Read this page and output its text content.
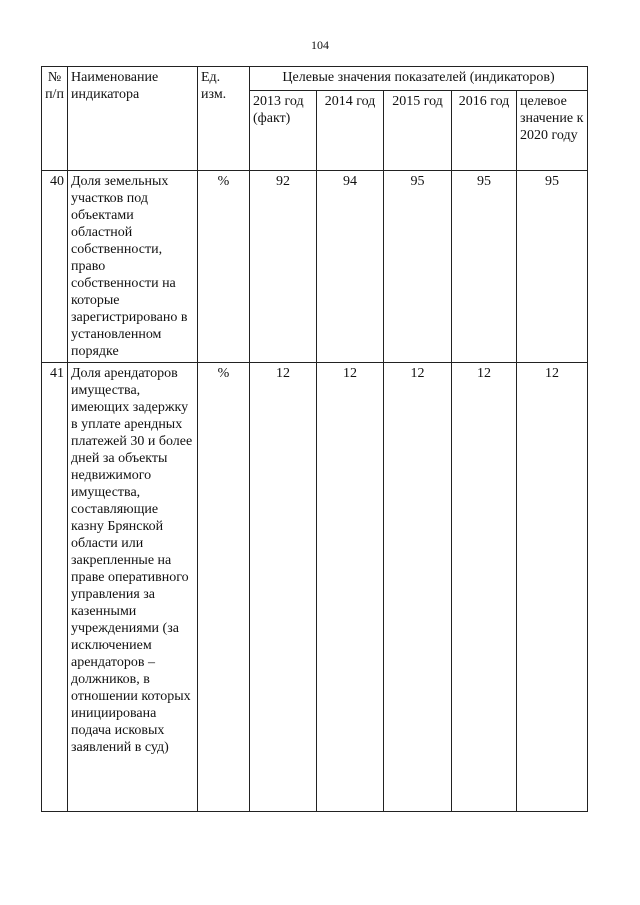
104
№ п/п	Наименование индикатора	Ед. изм.	Целевые значения показателей (индикаторов)				
			2013 год (факт)	2014 год	2015 год	2016 год	целевое значение к 2020 году
40	Доля земельных участков под объектами областной собственности, право собственности на которые зарегистрировано в установленном порядке	%	92	94	95	95	95
41	Доля арендаторов имущества, имеющих задержку в уплате арендных платежей 30 и более дней за объекты недвижимого имущества, составляющие казну Брянской области или закрепленные на праве оперативного управления за казенными учреждениями (за исключением арендаторов – должников, в отношении которых инициирована подача исковых заявлений в суд)	%	12	12	12	12	12
